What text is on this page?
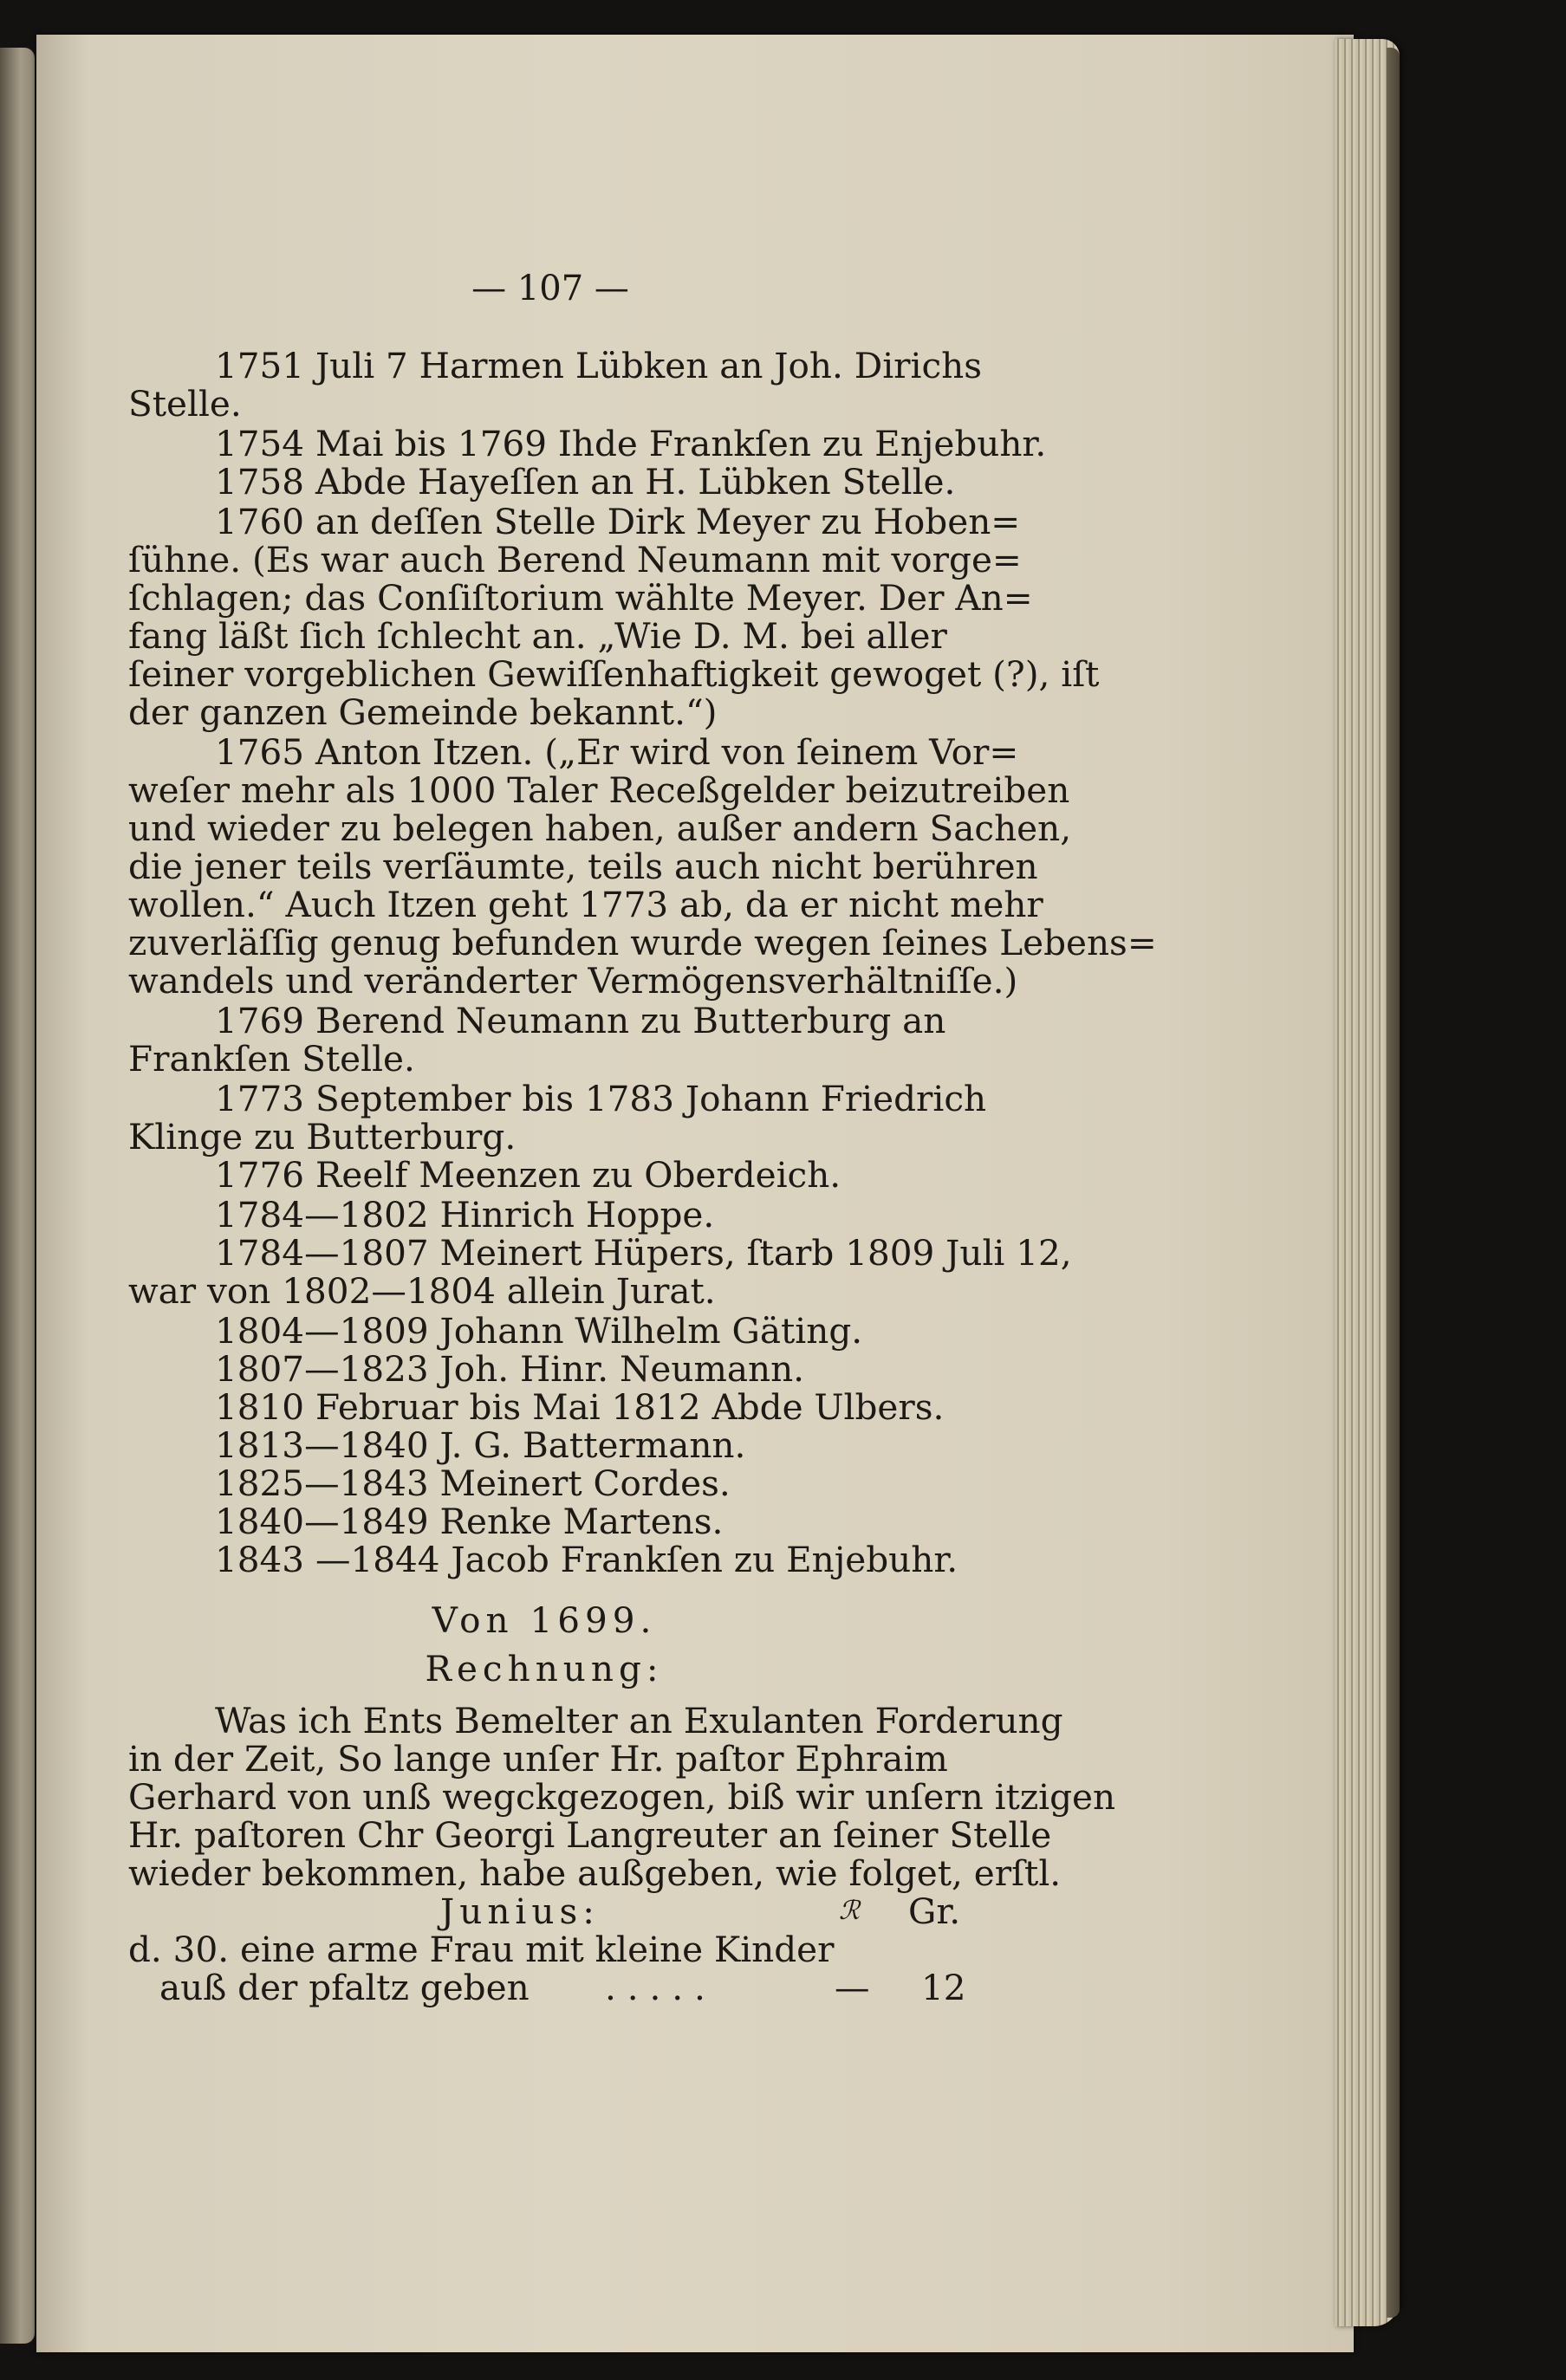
— 107 —
1751 Juli 7 Harmen Lübken an Joh. Dirichs
Stelle.
1754 Mai bis 1769 Ihde Frankſen zu Enjebuhr.
1758 Abde Hayeſſen an H. Lübken Stelle.
1760 an deſſen Stelle Dirk Meyer zu Hoben=
ſühne. (Es war auch Berend Neumann mit vorge=
ſchlagen; das Conſiſtorium wählte Meyer. Der An=
fang läßt ſich ſchlecht an. „Wie D. M. bei aller
ſeiner vorgeblichen Gewiſſenhaftigkeit gewoget (?), iſt
der ganzen Gemeinde bekannt.“)
1765 Anton Itzen. („Er wird von ſeinem Vor=
weſer mehr als 1000 Taler Receßgelder beizutreiben
und wieder zu belegen haben, außer andern Sachen,
die jener teils verſäumte, teils auch nicht berühren
wollen.“ Auch Itzen geht 1773 ab, da er nicht mehr
zuverläſſig genug befunden wurde wegen ſeines Lebens=
wandels und veränderter Vermögensverhältniſſe.)
1769 Berend Neumann zu Butterburg an
Frankſen Stelle.
1773 September bis 1783 Johann Friedrich
Klinge zu Butterburg.
1776 Reelf Meenzen zu Oberdeich.
1784—1802 Hinrich Hoppe.
1784—1807 Meinert Hüpers, ſtarb 1809 Juli 12,
war von 1802—1804 allein Jurat.
1804—1809 Johann Wilhelm Gäting.
1807—1823 Joh. Hinr. Neumann.
1810 Februar bis Mai 1812 Abde Ulbers.
1813—1840 J. G. Battermann.
1825—1843 Meinert Cordes.
1840—1849 Renke Martens.
1843 —1844 Jacob Frankſen zu Enjebuhr.
Von 1699.
Rechnung:
Was ich Ents Bemelter an Exulanten Forderung
in der Zeit, So lange unſer Hr. paſtor Ephraim
Gerhard von unß wegckgezogen, biß wir unſern itzigen
Hr. paſtoren Chr Georgi Langreuter an ſeiner Stelle
wieder bekommen, habe außgeben, wie folget, erſtl.
Junius:	ℛ Gr.
d. 30. eine arme Frau mit kleine Kinder
auß der pfaltz geben . . . . .	— 12
